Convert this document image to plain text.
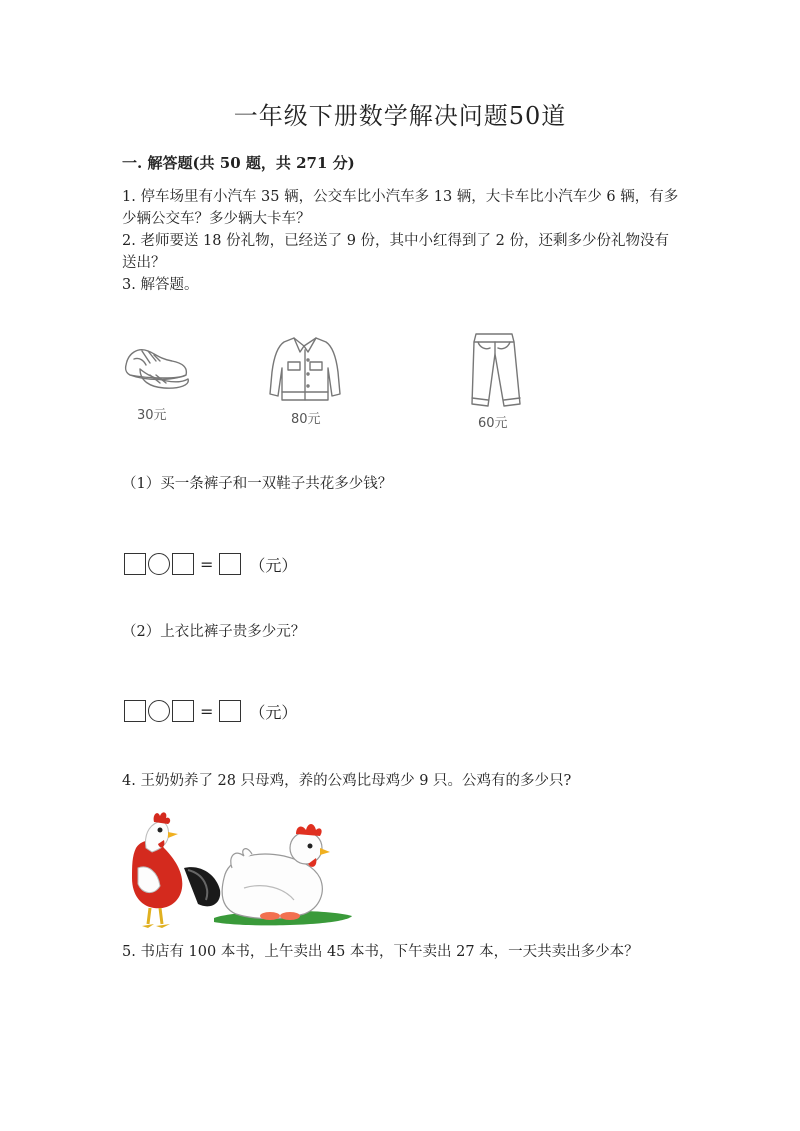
一年级下册数学解决问题50道
一. 解答题(共 50 题，共 271 分)
1. 停车场里有小汽车 35 辆，公交车比小汽车多 13 辆，大卡车比小汽车少 6 辆，有多少辆公交车？多少辆大卡车？
2. 老师要送 18 份礼物，已经送了 9 份，其中小红得到了 2 份，还剩多少份礼物没有送出？
3. 解答题。
30元	80元	60元
（1）买一条裤子和一双鞋子共花多少钱？
= （元）
（2）上衣比裤子贵多少元？
= （元）
4. 王奶奶养了 28 只母鸡，养的公鸡比母鸡少 9 只。公鸡有的多少只?
5. 书店有 100 本书，上午卖出 45 本书，下午卖出 27 本，一天共卖出多少本？
